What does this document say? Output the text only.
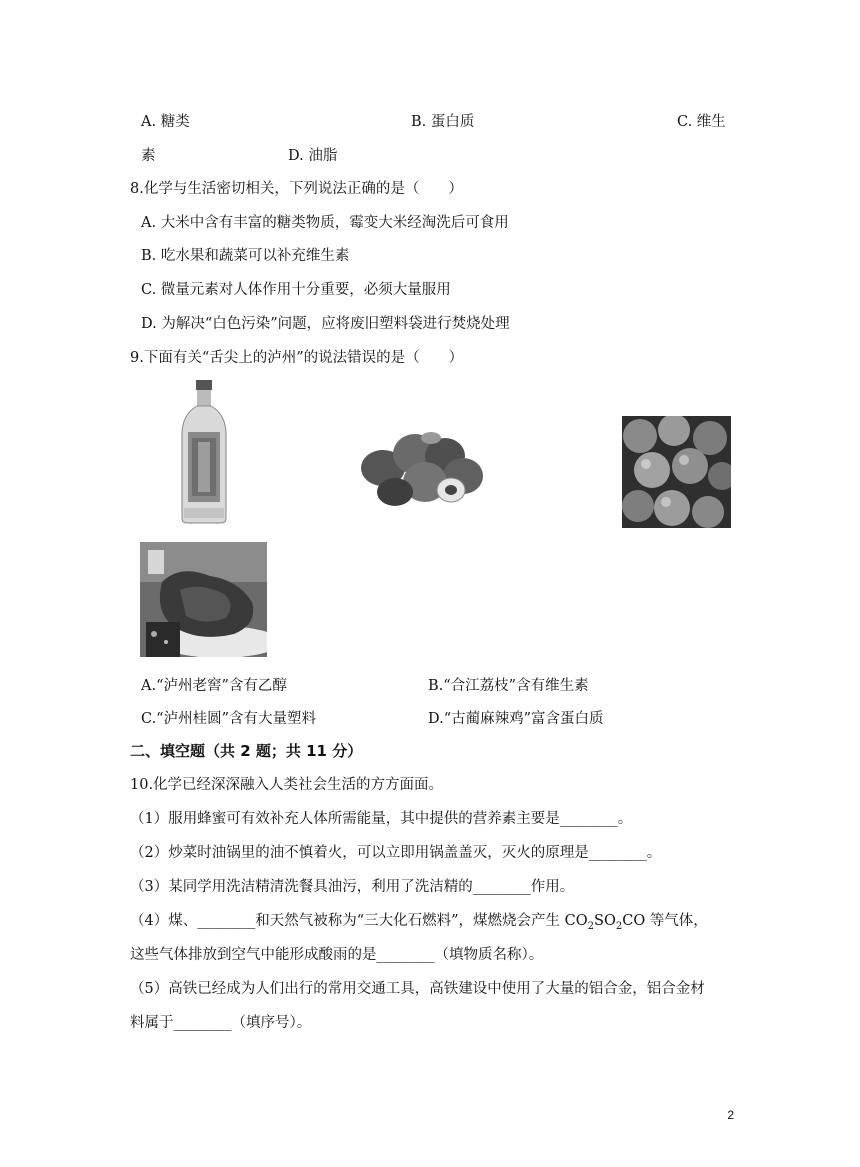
A. 糖类	B. 蛋白质	C. 维生
素	D. 油脂
8.化学与生活密切相关，下列说法正确的是（　　）
A. 大米中含有丰富的糖类物质，霉变大米经淘洗后可食用
B. 吃水果和蔬菜可以补充维生素
C. 微量元素对人体作用十分重要，必须大量服用
D. 为解决“白色污染”问题，应将废旧塑料袋进行焚烧处理
9.下面有关“舌尖上的泸州”的说法错误的是（　　）
A.“泸州老窖”含有乙醇	B.“合江荔枝”含有维生素
C.“泸州桂圆”含有大量塑料	D.“古蔺麻辣鸡”富含蛋白质
二、填空题（共 2 题；共 11 分）
10.化学已经深深融入人类社会生活的方方面面。
（1）服用蜂蜜可有效补充人体所需能量，其中提供的营养素主要是________。
（2）炒菜时油锅里的油不慎着火，可以立即用锅盖盖灭，灭火的原理是________。
（3）某同学用洗洁精清洗餐具油污，利用了洗洁精的________作用。
（4）煤、________和天然气被称为“三大化石燃料”，煤燃烧会产生 $CO_2SO_2CO$ 等气体，
这些气体排放到空气中能形成酸雨的是________（填物质名称）。
（5）高铁已经成为人们出行的常用交通工具，高铁建设中使用了大量的铝合金，铝合金材
料属于________（填序号）。
2
